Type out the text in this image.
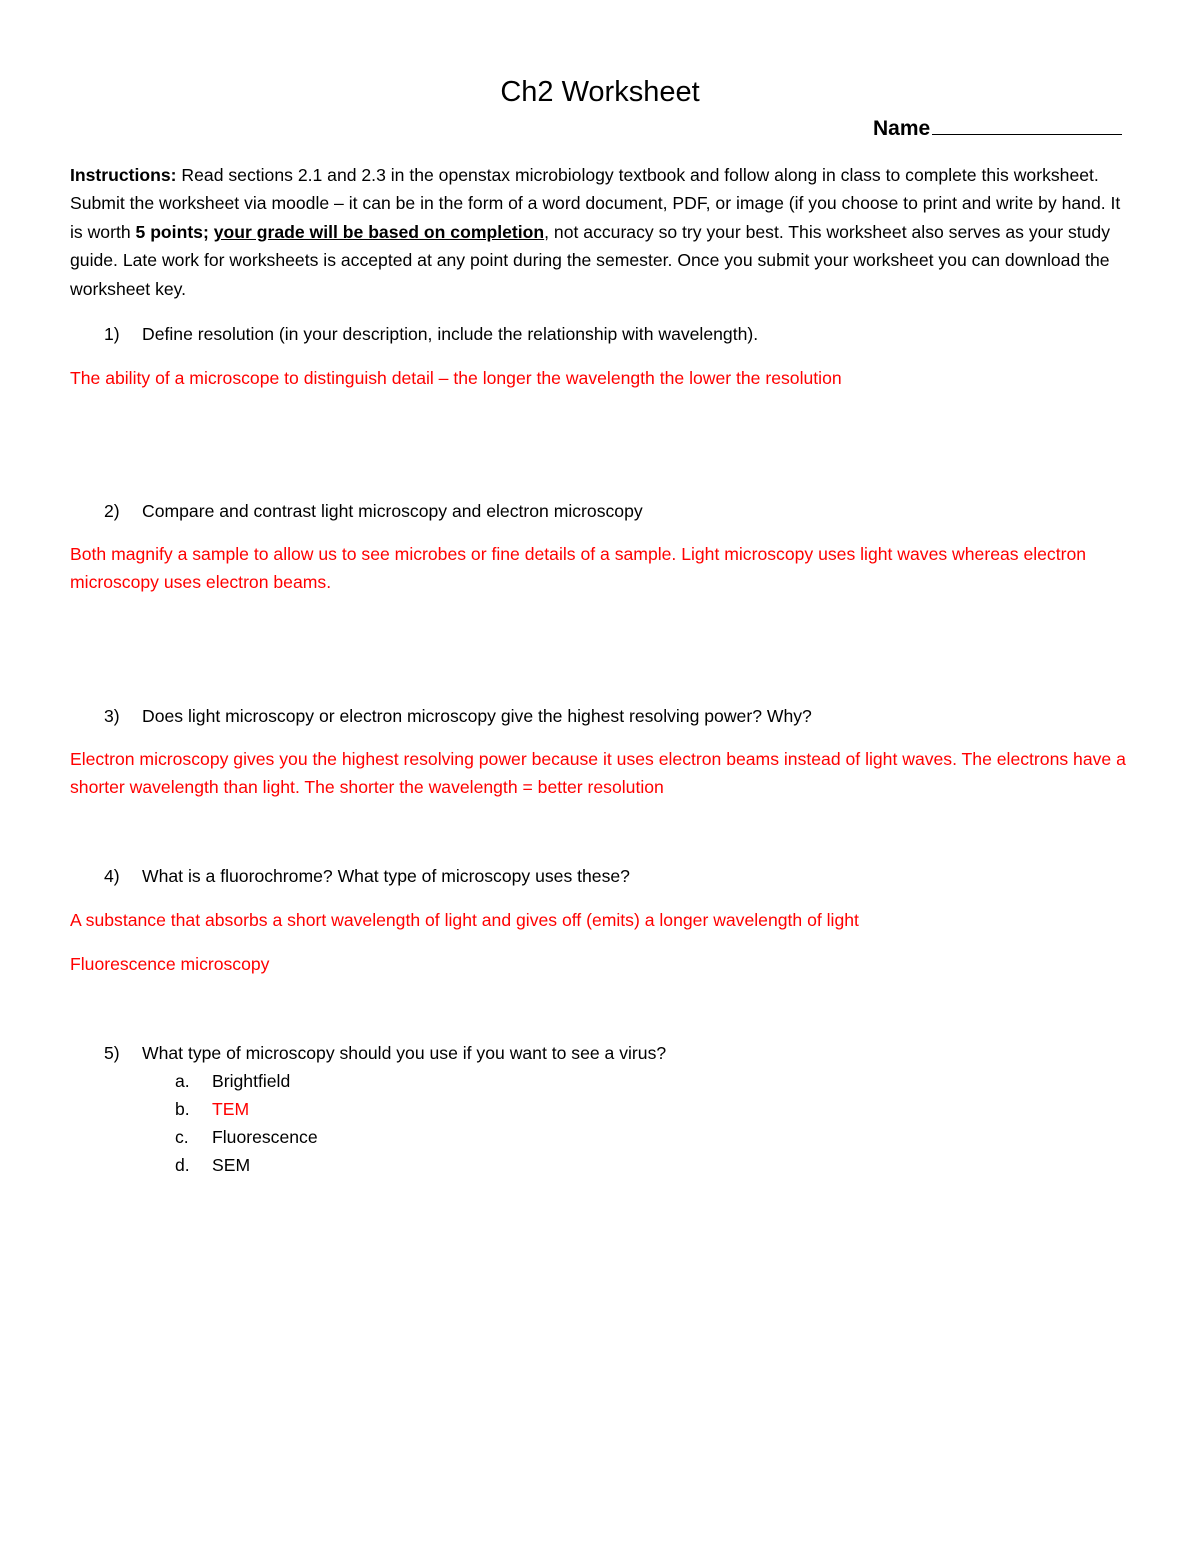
Ch2 Worksheet
Name
Instructions: Read sections 2.1 and 2.3 in the openstax microbiology textbook and follow along in class to complete this worksheet. Submit the worksheet via moodle – it can be in the form of a word document, PDF, or image (if you choose to print and write by hand. It is worth 5 points; your grade will be based on completion, not accuracy so try your best. This worksheet also serves as your study guide. Late work for worksheets is accepted at any point during the semester. Once you submit your worksheet you can download the worksheet key.
1) Define resolution (in your description, include the relationship with wavelength).
The ability of a microscope to distinguish detail – the longer the wavelength the lower the resolution
2) Compare and contrast light microscopy and electron microscopy
Both magnify a sample to allow us to see microbes or fine details of a sample. Light microscopy uses light waves whereas electron microscopy uses electron beams.
3) Does light microscopy or electron microscopy give the highest resolving power? Why?
Electron microscopy gives you the highest resolving power because it uses electron beams instead of light waves. The electrons have a shorter wavelength than light. The shorter the wavelength = better resolution
4) What is a fluorochrome? What type of microscopy uses these?
A substance that absorbs a short wavelength of light and gives off (emits) a longer wavelength of light
Fluorescence microscopy
5) What type of microscopy should you use if you want to see a virus?
a. Brightfield
b. TEM
c. Fluorescence
d. SEM
